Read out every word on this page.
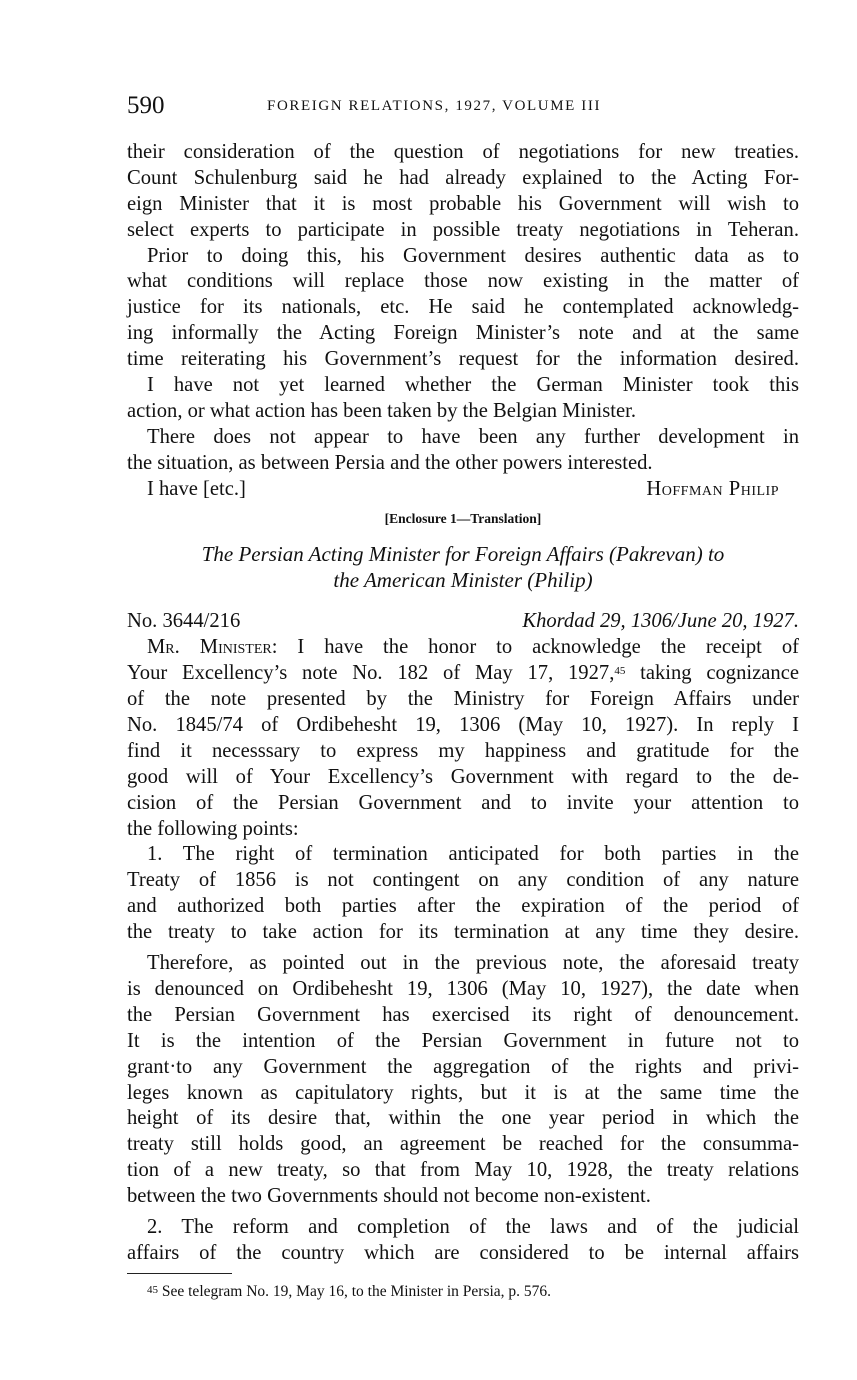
590	FOREIGN RELATIONS, 1927, VOLUME III
their consideration of the question of negotiations for new treaties.
Count Schulenburg said he had already explained to the Acting For-
eign Minister that it is most probable his Government will wish to
select experts to participate in possible treaty negotiations in Teheran.
Prior to doing this, his Government desires authentic data as to
what conditions will replace those now existing in the matter of
justice for its nationals, etc. He said he contemplated acknowledg-
ing informally the Acting Foreign Minister’s note and at the same
time reiterating his Government’s request for the information desired.
I have not yet learned whether the German Minister took this
action, or what action has been taken by the Belgian Minister.
There does not appear to have been any further development in
the situation, as between Persia and the other powers interested.
I have [etc.]	Hoffman Philip
[Enclosure 1—Translation]
The Persian Acting Minister for Foreign Affairs (Pakrevan) to
the American Minister (Philip)
No. 3644/216	Khordad 29, 1306/June 20, 1927.
Mr. Minister: I have the honor to acknowledge the receipt of
Your Excellency’s note No. 182 of May 17, 1927,45 taking cognizance
of the note presented by the Ministry for Foreign Affairs under
No. 1845/74 of Ordibehesht 19, 1306 (May 10, 1927). In reply I
find it necesssary to express my happiness and gratitude for the
good will of Your Excellency’s Government with regard to the de-
cision of the Persian Government and to invite your attention to
the following points:
1. The right of termination anticipated for both parties in the
Treaty of 1856 is not contingent on any condition of any nature
and authorized both parties after the expiration of the period of
the treaty to take action for its termination at any time they desire.
Therefore, as pointed out in the previous note, the aforesaid treaty
is denounced on Ordibehesht 19, 1306 (May 10, 1927), the date when
the Persian Government has exercised its right of denouncement.
It is the intention of the Persian Government in future not to
grant·to any Government the aggregation of the rights and privi-
leges known as capitulatory rights, but it is at the same time the
height of its desire that, within the one year period in which the
treaty still holds good, an agreement be reached for the consumma-
tion of a new treaty, so that from May 10, 1928, the treaty relations
between the two Governments should not become non-existent.
2. The reform and completion of the laws and of the judicial
affairs of the country which are considered to be internal affairs
$^{45}$ See telegram No. 19, May 16, to the Minister in Persia, p. 576.
